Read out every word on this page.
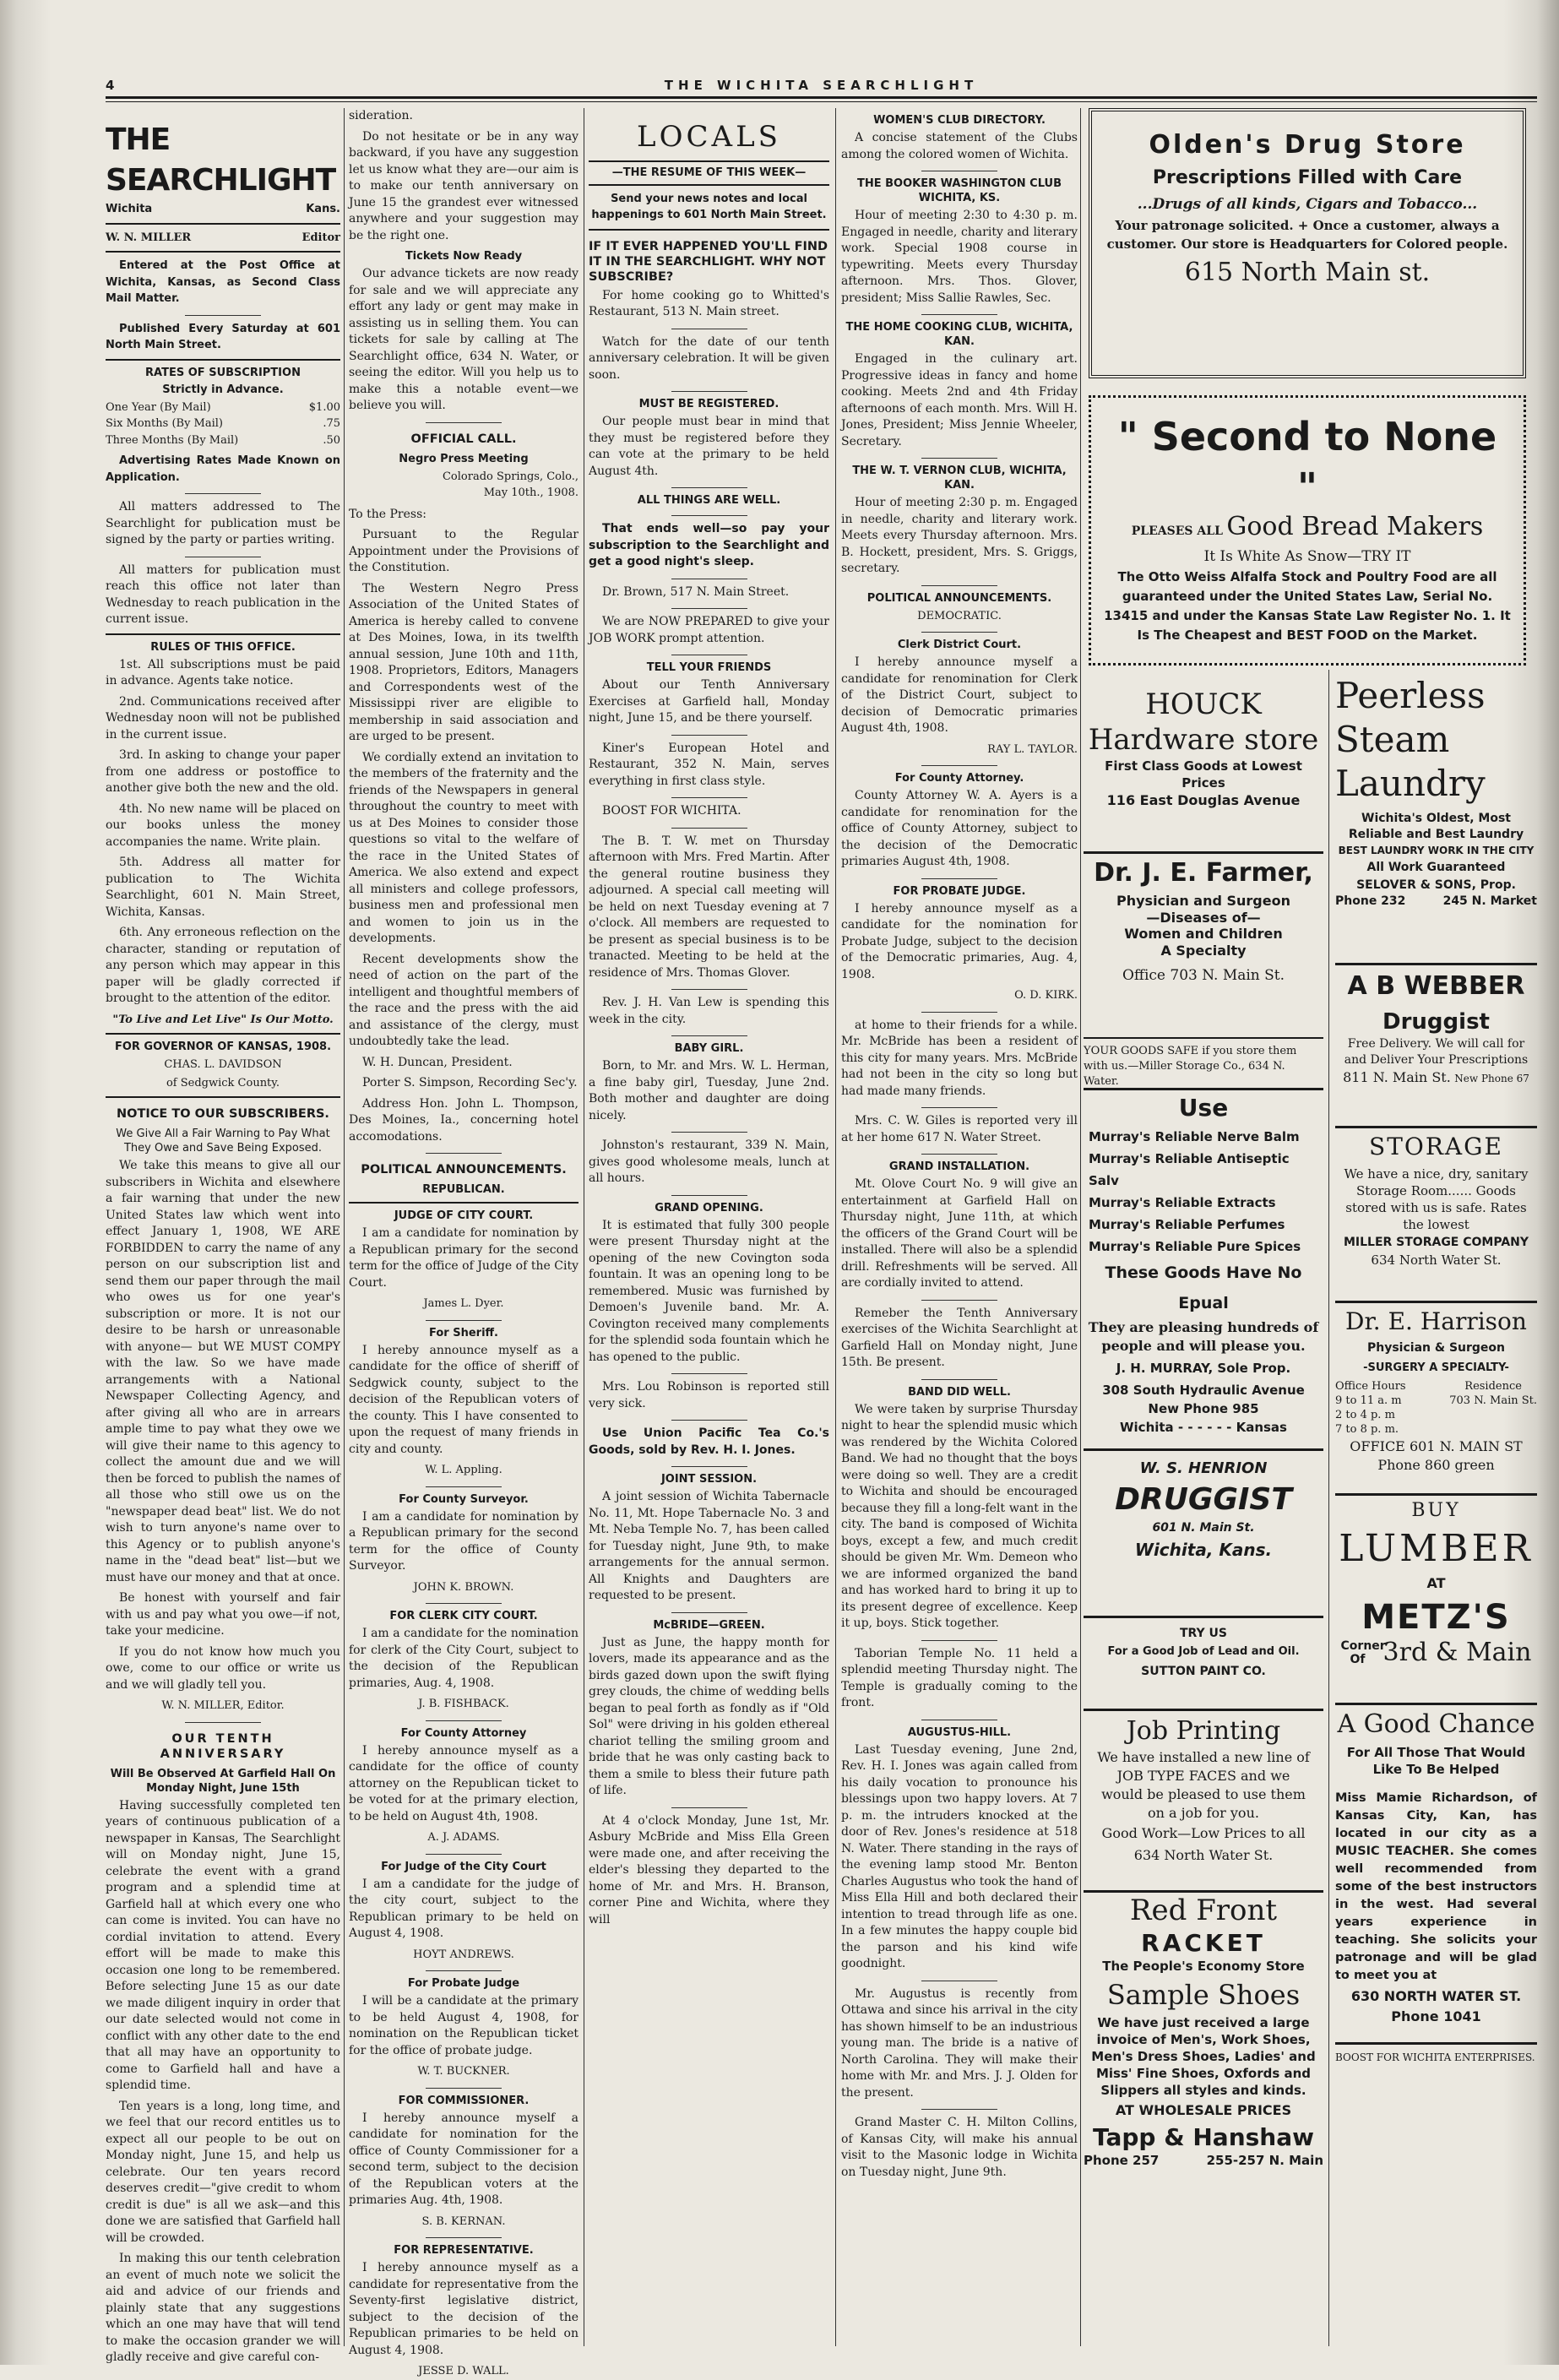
4	THE WICHITA SEARCHLIGHT
THE SEARCHLIGHT
Wichita	Kans.
W. N. MILLER	Editor

Entered at the Post Office at Wichita, Kansas, as Second Class Mail Matter.

Published Every Saturday at 601 North Main Street.

RATES OF SUBSCRIPTION
Strictly in Advance.
One Year (By Mail)	$1.00
Six Months (By Mail)	.75
Three Months (By Mail)	.50

Advertising Rates Made Known on Application.

All matters addressed to The Searchlight for publication must be signed by the party or parties writing.

All matters for publication must reach this office not later than Wednesday to reach publication in the current issue.

RULES OF THIS OFFICE.

1st. All subscriptions must be paid in advance. Agents take notice.

2nd. Communications received after Wednesday noon will not be published in the current issue.

3rd. In asking to change your paper from one address or postoffice to another give both the new and the old.

4th. No new name will be placed on our books unless the money accompanies the name. Write plain.

5th. Address all matter for publication to The Wichita Searchlight, 601 N. Main Street, Wichita, Kansas.

6th. Any erroneous reflection on the character, standing or reputation of any person which may appear in this paper will be gladly corrected if brought to the attention of the editor.

"To Live and Let Live" Is Our Motto.
FOR GOVERNOR OF KANSAS, 1908.
CHAS. L. DAVIDSON
of Sedgwick County.
NOTICE TO OUR SUBSCRIBERS.
We Give All a Fair Warning to Pay What They Owe and Save Being Exposed.

We take this means to give all our subscribers in Wichita and elsewhere a fair warning that under the new United States law which went into effect January 1, 1908, WE ARE FORBIDDEN to carry the name of any person on our subscription list and send them our paper through the mail who owes us for one year's subscription or more. It is not our desire to be harsh or unreasonable with anyone— but WE MUST COMPY with the law. So we have made arrangements with a National Newspaper Collecting Agency, and after giving all who are in arrears ample time to pay what they owe we will give their name to this agency to collect the amount due and we will then be forced to publish the names of all those who still owe us on the "newspaper dead beat" list. We do not wish to turn anyone's name over to this Agency or to publish anyone's name in the "dead beat" list—but we must have our money and that at once.

Be honest with yourself and fair with us and pay what you owe—if not, take your medicine.

If you do not know how much you owe, come to our office or write us and we will gladly tell you.

W. N. MILLER, Editor.
OUR TENTH ANNIVERSARY
Will Be Observed At Garfield Hall On Monday Night, June 15th

Having successfully completed ten years of continuous publication of a newspaper in Kansas, The Searchlight will on Monday night, June 15, celebrate the event with a grand program and a splendid time at Garfield hall at which every one who can come is invited. You can have no cordial invitation to attend. Every effort will be made to make this occasion one long to be remembered. Before selecting June 15 as our date we made diligent inquiry in order that our date selected would not come in conflict with any other date to the end that all may have an opportunity to come to Garfield hall and have a splendid time.

Ten years is a long, long time, and we feel that our record entitles us to expect all our people to be out on Monday night, June 15, and help us celebrate. Our ten years record deserves credit—"give credit to whom credit is due" is all we ask—and this done we are satisfied that Garfield hall will be crowded.

In making this our tenth celebration an event of much note we solicit the aid and advice of our friends and plainly state that any suggestions which an one may have that will tend to make the occasion grander we will gladly receive and give careful con-

sideration.

Do not hesitate or be in any way backward, if you have any suggestion let us know what they are—our aim is to make our tenth anniversary on June 15 the grandest ever witnessed anywhere and your suggestion may be the right one.

Tickets Now Ready

Our advance tickets are now ready for sale and we will appreciate any effort any lady or gent may make in assisting us in selling them. You can tickets for sale by calling at The Searchlight office, 634 N. Water, or seeing the editor. Will you help us to make this a notable event—we believe you will.

OFFICIAL CALL.
Negro Press Meeting
Colorado Springs, Colo.,
May 10th., 1908.

To the Press:

Pursuant to the Regular Appointment under the Provisions of the Constitution.

The Western Negro Press Association of the United States of America is hereby called to convene at Des Moines, Iowa, in its twelfth annual session, June 10th and 11th, 1908. Proprietors, Editors, Managers and Correspondents west of the Mississippi river are eligible to membership in said association and are urged to be present.

We cordially extend an invitation to the members of the fraternity and the friends of the Newspapers in general throughout the country to meet with us at Des Moines to consider those questions so vital to the welfare of the race in the United States of America. We also extend and expect all ministers and college professors, business men and professional men and women to join us in the developments.

Recent developments show the need of action on the part of the intelligent and thoughtful members of the race and the press with the aid and assistance of the clergy, must undoubtedly take the lead.

W. H. Duncan, President.

Porter S. Simpson, Recording Sec'y.

Address Hon. John L. Thompson, Des Moines, Ia., concerning hotel accomodations.

POLITICAL ANNOUNCEMENTS.
REPUBLICAN.
JUDGE OF CITY COURT.

I am a candidate for nomination by a Republican primary for the second term for the office of Judge of the City Court.

James L. Dyer.
For Sheriff.

I hereby announce myself as a candidate for the office of sheriff of Sedgwick county, subject to the decision of the Republican voters of the county. This I have consented to upon the request of many friends in city and county.

W. L. Appling.
For County Surveyor.

I am a candidate for nomination by a Republican primary for the second term for the office of County Surveyor.

JOHN K. BROWN.
FOR CLERK CITY COURT.

I am a candidate for the nomination for clerk of the City Court, subject to the decision of the Republican primaries, Aug. 4, 1908.

J. B. FISHBACK.
For County Attorney

I hereby announce myself as a candidate for the office of county attorney on the Republican ticket to be voted for at the primary election, to be held on August 4th, 1908.

A. J. ADAMS.
For Judge of the City Court

I am a candidate for the judge of the city court, subject to the Republican primary to be held on August 4, 1908.

HOYT ANDREWS.
For Probate Judge

I will be a candidate at the primary to be held August 4, 1908, for nomination on the Republican ticket for the office of probate judge.

W. T. BUCKNER.
FOR COMMISSIONER.

I hereby announce myself a candidate for nomination for the office of County Commissioner for a second term, subject to the decision of the Republican voters at the primaries Aug. 4th, 1908.

S. B. KERNAN.
FOR REPRESENTATIVE.

I hereby announce myself as a candidate for representative from the Seventy-first legislative district, subject to the decision of the Republican primaries to be held on August 4, 1908.

JESSE D. WALL.
LOCALS
—THE RESUME OF THIS WEEK—

Send your news notes and local happenings to 601 North Main Street.

IF IT EVER HAPPENED YOU'LL FIND IT IN THE SEARCHLIGHT. WHY NOT SUBSCRIBE?

For home cooking go to Whitted's Restaurant, 513 N. Main street.

Watch for the date of our tenth anniversary celebration. It will be given soon.

MUST BE REGISTERED.

Our people must bear in mind that they must be registered before they can vote at the primary to be held August 4th.

ALL THINGS ARE WELL.

That ends well—so pay your subscription to the Searchlight and get a good night's sleep.

Dr. Brown, 517 N. Main Street.

We are NOW PREPARED to give your JOB WORK prompt attention.

TELL YOUR FRIENDS

About our Tenth Anniversary Exercises at Garfield hall, Monday night, June 15, and be there yourself.

Kiner's European Hotel and Restaurant, 352 N. Main, serves everything in first class style.

BOOST FOR WICHITA.

The B. T. W. met on Thursday afternoon with Mrs. Fred Martin. After the general routine business they adjourned. A special call meeting will be held on next Tuesday evening at 7 o'clock. All members are requested to be present as special business is to be tranacted. Meeting to be held at the residence of Mrs. Thomas Glover.

Rev. J. H. Van Lew is spending this week in the city.

BABY GIRL.

Born, to Mr. and Mrs. W. L. Herman, a fine baby girl, Tuesday, June 2nd. Both mother and daughter are doing nicely.

Johnston's restaurant, 339 N. Main, gives good wholesome meals, lunch at all hours.

GRAND OPENING.

It is estimated that fully 300 people were present Thursday night at the opening of the new Covington soda fountain. It was an opening long to be remembered. Music was furnished by Demoen's Juvenile band. Mr. A. Covington received many complements for the splendid soda fountain which he has opened to the public.

Mrs. Lou Robinson is reported still very sick.

Use Union Pacific Tea Co.'s Goods, sold by Rev. H. I. Jones.

JOINT SESSION.

A joint session of Wichita Tabernacle No. 11, Mt. Hope Tabernacle No. 3 and Mt. Neba Temple No. 7, has been called for Tuesday night, June 9th, to make arrangements for the annual sermon. All Knights and Daughters are requested to be present.

McBRIDE—GREEN.

Just as June, the happy month for lovers, made its appearance and as the birds gazed down upon the swift flying grey clouds, the chime of wedding bells began to peal forth as fondly as if "Old Sol" were driving in his golden ethereal chariot telling the smiling groom and bride that he was only casting back to them a smile to bless their future path of life.

At 4 o'clock Monday, June 1st, Mr. Asbury McBride and Miss Ella Green were made one, and after receiving the elder's blessing they departed to the home of Mr. and Mrs. H. Branson, corner Pine and Wichita, where they will

WOMEN'S CLUB DIRECTORY.

A concise statement of the Clubs among the colored women of Wichita.

THE BOOKER WASHINGTON CLUB WICHITA, KS.

Hour of meeting 2:30 to 4:30 p. m. Engaged in needle, charity and literary work. Special 1908 course in typewriting. Meets every Thursday afternoon. Mrs. Thos. Glover, president; Miss Sallie Rawles, Sec.

THE HOME COOKING CLUB, WICHITA, KAN.

Engaged in the culinary art. Progressive ideas in fancy and home cooking. Meets 2nd and 4th Friday afternoons of each month. Mrs. Will H. Jones, President; Miss Jennie Wheeler, Secretary.

THE W. T. VERNON CLUB, WICHITA, KAN.

Hour of meeting 2:30 p. m. Engaged in needle, charity and literary work. Meets every Thursday afternoon. Mrs. B. Hockett, president, Mrs. S. Griggs, secretary.

POLITICAL ANNOUNCEMENTS.
DEMOCRATIC.
Clerk District Court.

I hereby announce myself a candidate for renomination for Clerk of the District Court, subject to decision of Democratic primaries August 4th, 1908.

RAY L. TAYLOR.
For County Attorney.

County Attorney W. A. Ayers is a candidate for renomination for the office of County Attorney, subject to the decision of the Democratic primaries August 4th, 1908.

FOR PROBATE JUDGE.

I hereby announce myself as a candidate for the nomination for Probate Judge, subject to the decision of the Democratic primaries, Aug. 4, 1908.

O. D. KIRK.

at home to their friends for a while. Mr. McBride has been a resident of this city for many years. Mrs. McBride had not been in the city so long but had made many friends.

Mrs. C. W. Giles is reported very ill at her home 617 N. Water Street.

GRAND INSTALLATION.

Mt. Olove Court No. 9 will give an entertainment at Garfield Hall on Thursday night, June 11th, at which the officers of the Grand Court will be installed. There will also be a splendid drill. Refreshments will be served. All are cordially invited to attend.

Remeber the Tenth Anniversary exercises of the Wichita Searchlight at Garfield Hall on Monday night, June 15th. Be present.

BAND DID WELL.

We were taken by surprise Thursday night to hear the splendid music which was rendered by the Wichita Colored Band. We had no thought that the boys were doing so well. They are a credit to Wichita and should be encouraged because they fill a long-felt want in the city. The band is composed of Wichita boys, except a few, and much credit should be given Mr. Wm. Demeon who we are informed organized the band and has worked hard to bring it up to its present degree of excellence. Keep it up, boys. Stick together.

Taborian Temple No. 11 held a splendid meeting Thursday night. The Temple is gradually coming to the front.

AUGUSTUS-HILL.

Last Tuesday evening, June 2nd, Rev. H. I. Jones was again called from his daily vocation to pronounce his blessings upon two happy lovers. At 7 p. m. the intruders knocked at the door of Rev. Jones's residence at 518 N. Water. There standing in the rays of the evening lamp stood Mr. Benton Charles Augustus who took the hand of Miss Ella Hill and both declared their intention to tread through life as one. In a few minutes the happy couple bid the parson and his kind wife goodnight.

Mr. Augustus is recently from Ottawa and since his arrival in the city has shown himself to be an industrious young man. The bride is a native of North Carolina. They will make their home with Mr. and Mrs. J. J. Olden for the present.

Grand Master C. H. Milton Collins, of Kansas City, will make his annual visit to the Masonic lodge in Wichita on Tuesday night, June 9th.

Olden's Drug Store
Prescriptions Filled with Care
...Drugs of all kinds, Cigars and Tobacco...
Your patronage solicited. + Once a customer, always a customer. Our store is Headquarters for Colored people.
615 North Main st.
" Second to None "
PLEASES ALL Good Bread Makers
It Is White As Snow—TRY IT
The Otto Weiss Alfalfa Stock and Poultry Food are all guaranteed under the United States Law, Serial No. 13415 and under the Kansas State Law Register No. 1. It Is The Cheapest and BEST FOOD on the Market.
HOUCK
Hardware store
First Class Goods at Lowest Prices
116 East Douglas Avenue
Dr. J. E. Farmer,
Physician and Surgeon
—Diseases of—
Women and Children
A Specialty
Office 703 N. Main St.
YOUR GOODS SAFE if you store them with us.—Miller Storage Co., 634 N. Water.
Use
Murray's Reliable Nerve Balm
Murray's Reliable Antiseptic Salv
Murray's Reliable Extracts
Murray's Reliable Perfumes
Murray's Reliable Pure Spices
These Goods Have No Epual
They are pleasing hundreds of people and will please you.
J. H. MURRAY, Sole Prop.
308 South Hydraulic Avenue
New Phone 985
Wichita - - - - - - Kansas
W. S. HENRION
DRUGGIST
601 N. Main St.
Wichita, Kans.
TRY US
For a Good Job of Lead and Oil.
SUTTON PAINT CO.
Job Printing
We have installed a new line of JOB TYPE FACES and we would be pleased to use them on a job for you.
Good Work—Low Prices to all
634 North Water St.
Red Front
RACKET
The People's Economy Store
Sample Shoes
We have just received a large invoice of Men's, Work Shoes, Men's Dress Shoes, Ladies' and Miss' Fine Shoes, Oxfords and Slippers all styles and kinds.
AT WHOLESALE PRICES
Tapp & Hanshaw
Phone 257	255-257 N. Main
Peerless
Steam
Laundry
Wichita's Oldest, Most Reliable and Best Laundry
BEST LAUNDRY WORK IN THE CITY
All Work Guaranteed
SELOVER & SONS, Prop.
Phone 232	245 N. Market
A B WEBBER
Druggist
Free Delivery. We will call for and Deliver Your Prescriptions
811 N. Main St. New Phone 67
STORAGE
We have a nice, dry, sanitary Storage Room...... Goods stored with us is safe. Rates the lowest
MILLER STORAGE COMPANY
634 North Water St.
Dr. E. Harrison
Physician & Surgeon
-SURGERY A SPECIALTY-
Office Hours
9 to 11 a. m
2 to 4 p. m
7 to 8 p. m.
Residence
703 N. Main St.
OFFICE 601 N. MAIN ST
Phone 860 green
BUY
LUMBER
AT
METZ'S
Corner Of 3rd & Main
A Good Chance
For All Those That Would Like To Be Helped
Miss Mamie Richardson, of Kansas City, Kan, has located in our city as a MUSIC TEACHER. She comes well recommended from some of the best instructors in the west. Had several years experience in teaching. She solicits your patronage and will be glad to meet you at
630 NORTH WATER ST.
Phone 1041
BOOST FOR WICHITA ENTERPRISES.
